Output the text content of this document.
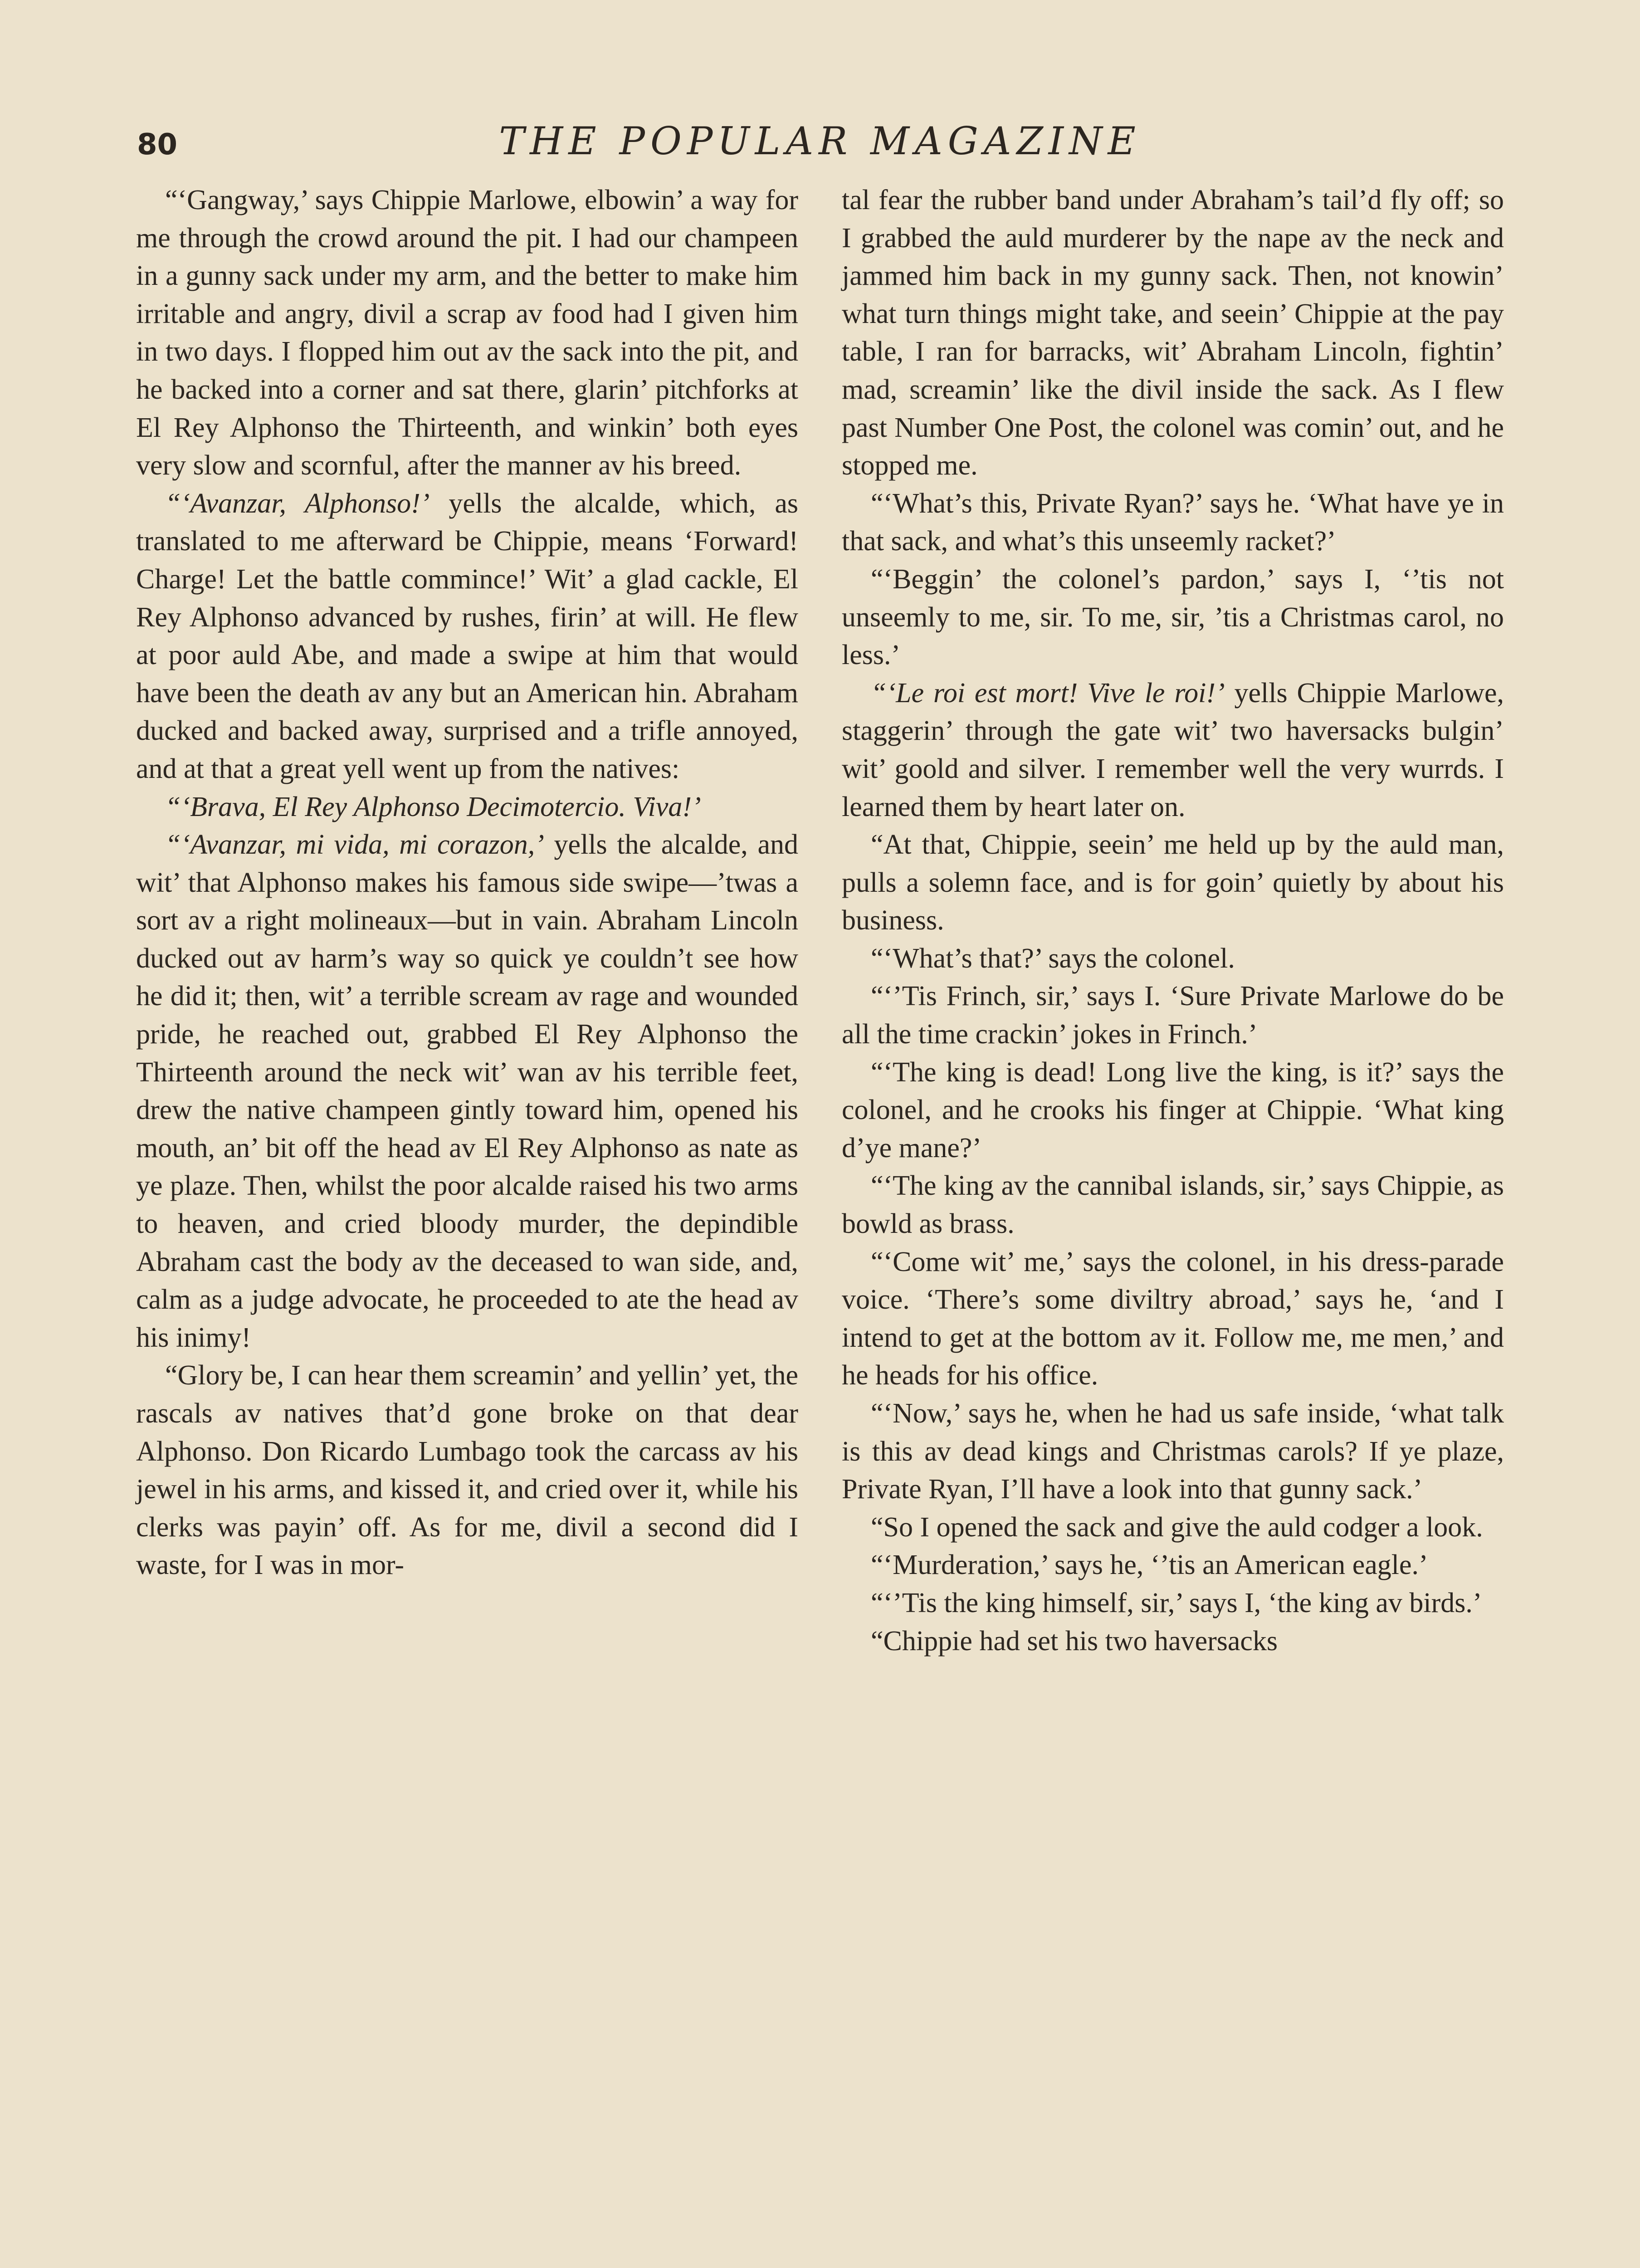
80	THE POPULAR MAGAZINE

“‘Gangway,’ says Chippie Marlowe, elbowin’ a way for me through the crowd around the pit. I had our champeen in a gunny sack under my arm, and the better to make him irritable and angry, divil a scrap av food had I given him in two days. I flopped him out av the sack into the pit, and he backed into a corner and sat there, glarin’ pitchforks at El Rey Alphonso the Thirteenth, and winkin’ both eyes very slow and scornful, after the manner av his breed.

“‘Avanzar, Alphonso!’ yells the alcalde, which, as translated to me afterward be Chippie, means ‘Forward! Charge! Let the battle commince!’ Wit’ a glad cackle, El Rey Alphonso advanced by rushes, firin’ at will. He flew at poor auld Abe, and made a swipe at him that would have been the death av any but an American hin. Abraham ducked and backed away, surprised and a trifle annoyed, and at that a great yell went up from the natives:

“‘Brava, El Rey Alphonso Decimotercio. Viva!’

“‘Avanzar, mi vida, mi corazon,’ yells the alcalde, and wit’ that Alphonso makes his famous side swipe—’twas a sort av a right molineaux—but in vain. Abraham Lincoln ducked out av harm’s way so quick ye couldn’t see how he did it; then, wit’ a terrible scream av rage and wounded pride, he reached out, grabbed El Rey Alphonso the Thirteenth around the neck wit’ wan av his terrible feet, drew the native champeen gintly toward him, opened his mouth, an’ bit off the head av El Rey Alphonso as nate as ye plaze. Then, whilst the poor alcalde raised his two arms to heaven, and cried bloody murder, the depindible Abraham cast the body av the deceased to wan side, and, calm as a judge advocate, he proceeded to ate the head av his inimy!

“Glory be, I can hear them screamin’ and yellin’ yet, the rascals av natives that’d gone broke on that dear Alphonso. Don Ricardo Lumbago took the carcass av his jewel in his arms, and kissed it, and cried over it, while his clerks was payin’ off. As for me, divil a second did I waste, for I was in mor-

tal fear the rubber band under Abraham’s tail’d fly off; so I grabbed the auld murderer by the nape av the neck and jammed him back in my gunny sack. Then, not knowin’ what turn things might take, and seein’ Chippie at the pay table, I ran for barracks, wit’ Abraham Lincoln, fightin’ mad, screamin’ like the divil inside the sack. As I flew past Number One Post, the colonel was comin’ out, and he stopped me.

“‘What’s this, Private Ryan?’ says he. ‘What have ye in that sack, and what’s this unseemly racket?’

“‘Beggin’ the colonel’s pardon,’ says I, ‘’tis not unseemly to me, sir. To me, sir, ’tis a Christmas carol, no less.’

“‘Le roi est mort! Vive le roi!’ yells Chippie Marlowe, staggerin’ through the gate wit’ two haversacks bulgin’ wit’ goold and silver. I remember well the very wurrds. I learned them by heart later on.

“At that, Chippie, seein’ me held up by the auld man, pulls a solemn face, and is for goin’ quietly by about his business.

“‘What’s that?’ says the colonel.

“‘’Tis Frinch, sir,’ says I. ‘Sure Private Marlowe do be all the time crackin’ jokes in Frinch.’

“‘The king is dead! Long live the king, is it?’ says the colonel, and he crooks his finger at Chippie. ‘What king d’ye mane?’

“‘The king av the cannibal islands, sir,’ says Chippie, as bowld as brass.

“‘Come wit’ me,’ says the colonel, in his dress-parade voice. ‘There’s some diviltry abroad,’ says he, ‘and I intend to get at the bottom av it. Follow me, me men,’ and he heads for his office.

“‘Now,’ says he, when he had us safe inside, ‘what talk is this av dead kings and Christmas carols? If ye plaze, Private Ryan, I’ll have a look into that gunny sack.’

“So I opened the sack and give the auld codger a look.

“‘Murderation,’ says he, ‘’tis an American eagle.’

“‘’Tis the king himself, sir,’ says I, ‘the king av birds.’

“Chippie had set his two haversacks
